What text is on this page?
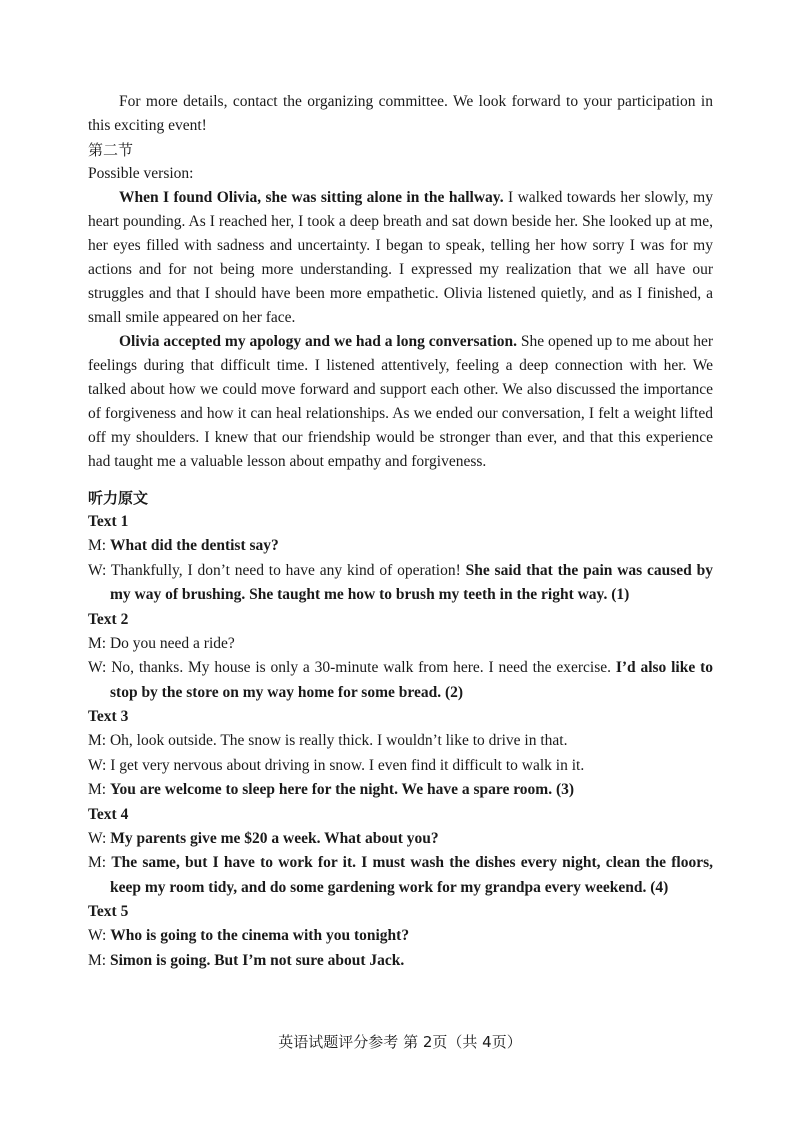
For more details, contact the organizing committee. We look forward to your participation in this exciting event!

第二节

Possible version:

When I found Olivia, she was sitting alone in the hallway. I walked towards her slowly, my heart pounding. As I reached her, I took a deep breath and sat down beside her. She looked up at me, her eyes filled with sadness and uncertainty. I began to speak, telling her how sorry I was for my actions and for not being more understanding. I expressed my realization that we all have our struggles and that I should have been more empathetic. Olivia listened quietly, and as I finished, a small smile appeared on her face.

Olivia accepted my apology and we had a long conversation. She opened up to me about her feelings during that difficult time. I listened attentively, feeling a deep connection with her. We talked about how we could move forward and support each other. We also discussed the importance of forgiveness and how it can heal relationships. As we ended our conversation, I felt a weight lifted off my shoulders. I knew that our friendship would be stronger than ever, and that this experience had taught me a valuable lesson about empathy and forgiveness.

听力原文

Text 1

M: What did the dentist say?

W: Thankfully, I don’t need to have any kind of operation! She said that the pain was caused by my way of brushing. She taught me how to brush my teeth in the right way. (1)

Text 2

M: Do you need a ride?

W: No, thanks. My house is only a 30-minute walk from here. I need the exercise. I’d also like to stop by the store on my way home for some bread. (2)

Text 3

M: Oh, look outside. The snow is really thick. I wouldn’t like to drive in that.

W: I get very nervous about driving in snow. I even find it difficult to walk in it.

M: You are welcome to sleep here for the night. We have a spare room. (3)

Text 4

W: My parents give me $20 a week. What about you?

M: The same, but I have to work for it. I must wash the dishes every night, clean the floors, keep my room tidy, and do some gardening work for my grandpa every weekend. (4)

Text 5

W: Who is going to the cinema with you tonight?

M: Simon is going. But I’m not sure about Jack.

英语试题评分参考 第 2页（共 4页）
